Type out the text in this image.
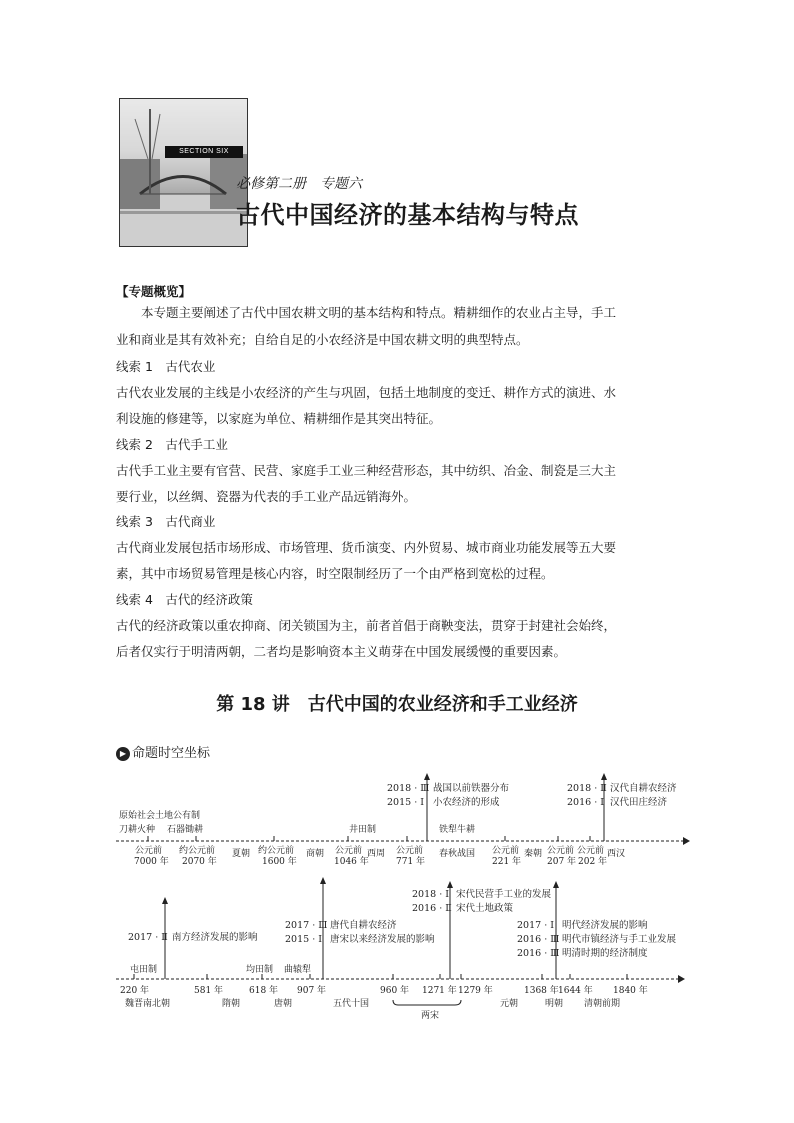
SECTION SIX
必修第二册　专题六
古代中国经济的基本结构与特点
【专题概览】
本专题主要阐述了古代中国农耕文明的基本结构和特点。精耕细作的农业占主导，手工
业和商业是其有效补充；自给自足的小农经济是中国农耕文明的典型特点。
线索 1　古代农业
古代农业发展的主线是小农经济的产生与巩固，包括土地制度的变迁、耕作方式的演进、水
利设施的修建等，以家庭为单位、精耕细作是其突出特征。
线索 2　古代手工业
古代手工业主要有官营、民营、家庭手工业三种经营形态，其中纺织、冶金、制瓷是三大主
要行业，以丝绸、瓷器为代表的手工业产品远销海外。
线索 3　古代商业
古代商业发展包括市场形成、市场管理、货币演变、内外贸易、城市商业功能发展等五大要
素，其中市场贸易管理是核心内容，时空限制经历了一个由严格到宽松的过程。
线索 4　古代的经济政策
古代的经济政策以重农抑商、闭关锁国为主，前者首倡于商鞅变法，贯穿于封建社会始终，
后者仅实行于明清两朝，二者均是影响资本主义萌芽在中国发展缓慢的重要因素。
第 18 讲　古代中国的农业经济和手工业经济
▶ 命题时空坐标
原始社会土地公有制
刀耕火种 石器锄耕	井田制	铁犁牛耕
2018 · Ⅲ
2015 · Ⅰ
战国以前铁器分布
小农经济的形成
2018 · Ⅱ
2016 · Ⅰ
汉代自耕农经济
汉代田庄经济
公元前
7000 年
约公元前
2070 年
夏朝 约公元前
1600 年
商朝 公元前
1046 年
西周 公元前
771 年
春秋战国 公元前
221 年
秦朝 公元前
207 年
公元前
202 年
西汉
2017 · Ⅱ 南方经济发展的影响
2017 · Ⅲ
2015 · Ⅰ
唐代自耕农经济
唐宋以来经济发展的影响
2018 · Ⅰ
2016 · Ⅱ
宋代民营手工业的发展
宋代土地政策
2017 · Ⅰ
2016 · Ⅲ
2016 · Ⅲ
明代经济发展的影响
明代市镇经济与手工业发展
明清时期的经济制度
屯田制	均田制 曲辕犁
220 年	581 年	618 年 907 年	960 年 1271 年 1279 年	1368 年 1644 年 1840 年
魏晋南北朝	隋朝	唐朝	五代十国
两宋
元朝	明朝 清朝前期
